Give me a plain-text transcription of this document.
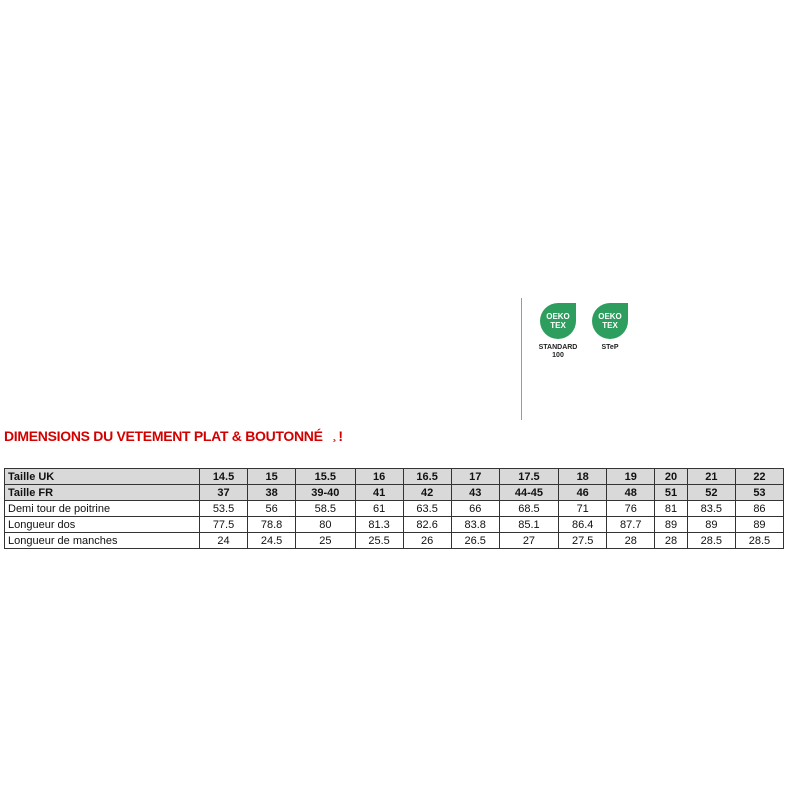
OEKO
TEX
STANDARD
100
OEKO
TEX
STeP
DIMENSIONS DU VETEMENT PLAT & BOUTONNÉ ¸ !
Taille UK	14.5	15	15.5	16	16.5	17	17.5	18	19	20	21	22
Taille FR	37	38	39-40	41	42	43	44-45	46	48	51	52	53
Demi tour de poitrine	53.5	56	58.5	61	63.5	66	68.5	71	76	81	83.5	86
Longueur dos	77.5	78.8	80	81.3	82.6	83.8	85.1	86.4	87.7	89	89	89
Longueur de manches	24	24.5	25	25.5	26	26.5	27	27.5	28	28	28.5	28.5
